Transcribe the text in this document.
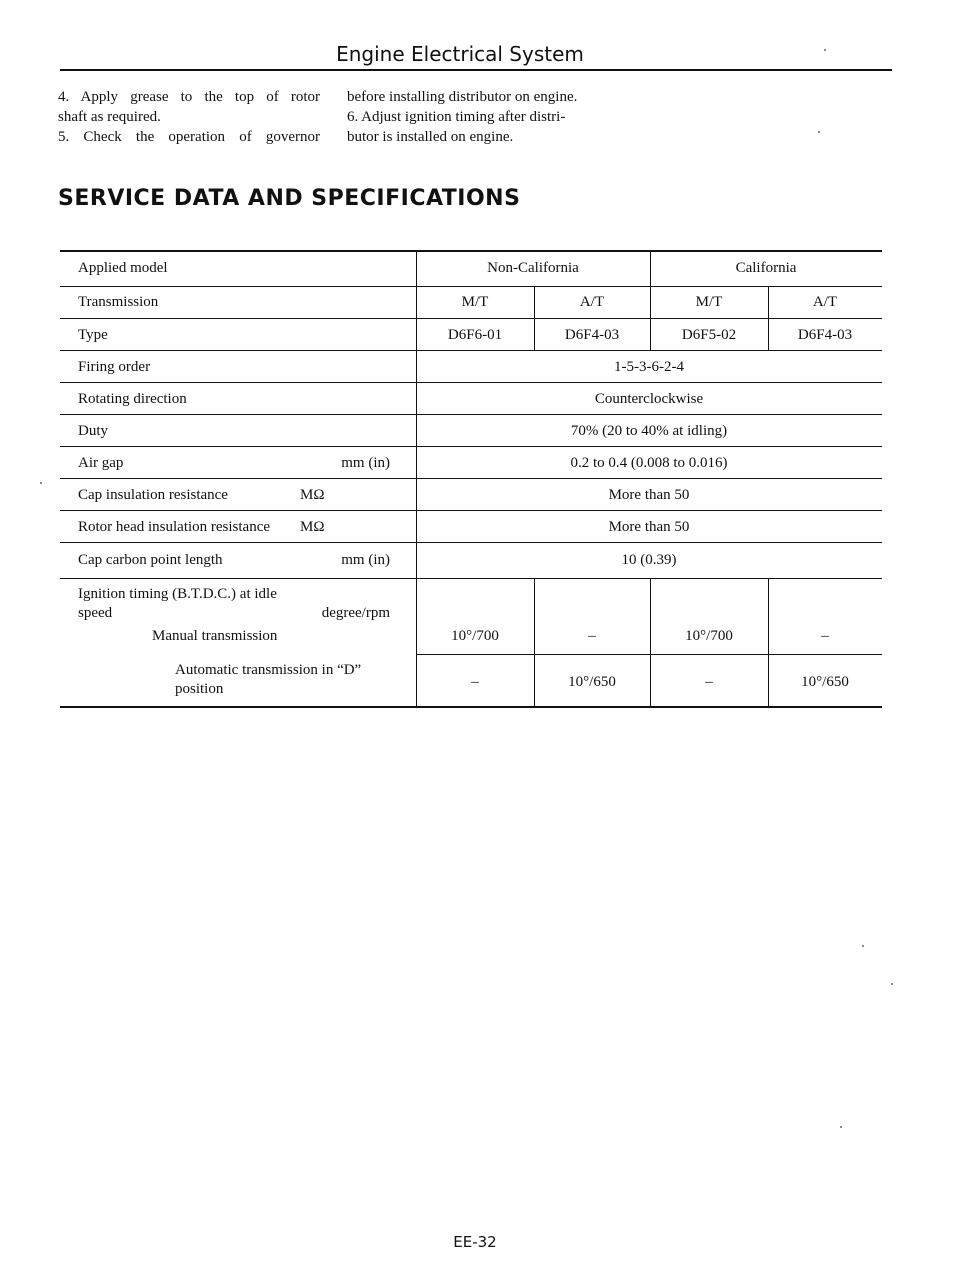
Engine Electrical System
4. Apply grease to the top of rotor
shaft as required.
5. Check the operation of governor
before installing distributor on engine.
6. Adjust ignition timing after distri-
butor is installed on engine.
SERVICE DATA AND SPECIFICATIONS
Applied model	Non-California	California
Transmission	M/T	A/T	M/T	A/T
Type	D6F6-01	D6F4-03	D6F5-02	D6F4-03
Firing order	1-5-3-6-2-4
Rotating direction	Counterclockwise
Duty	70% (20 to 40% at idling)
Air gap	mm (in)	0.2 to 0.4 (0.008 to 0.016)
Cap insulation resistance	MΩ	More than 50
Rotor head insulation resistance MΩ	More than 50
Cap carbon point length	mm (in)	10 (0.39)
Ignition timing (B.T.D.C.) at idle
speed	degree/rpm
Manual transmission	10°/700	–	10°/700	–
Automatic transmission in “D”
position	–	10°/650	–	10°/650
EE-32
